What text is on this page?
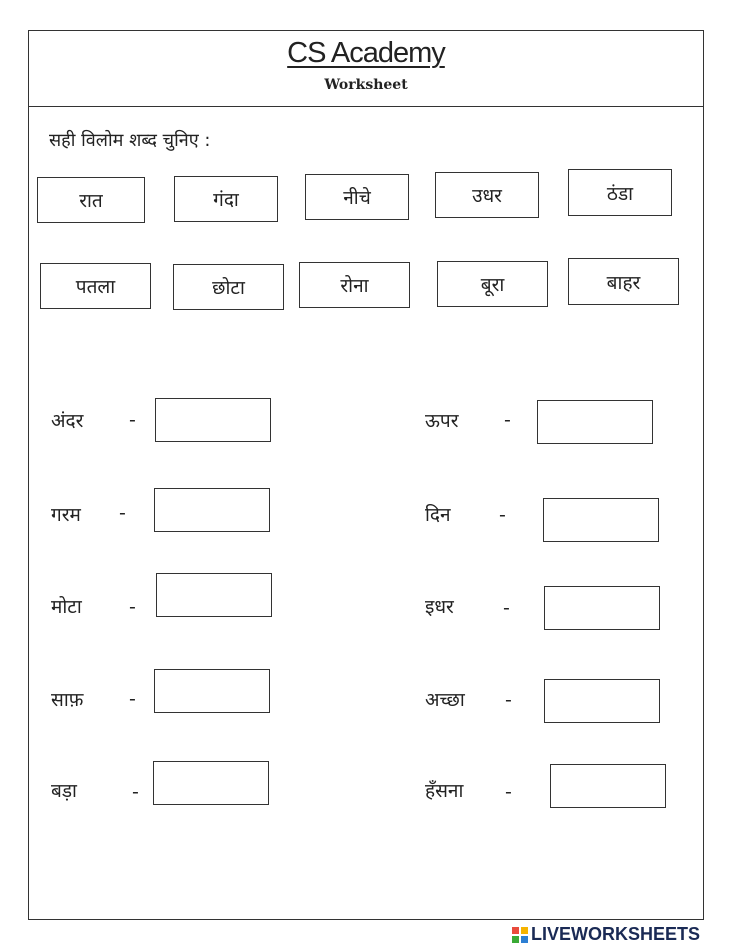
CS Academy
Worksheet
सही विलोम शब्द चुनिए :
रात	गंदा	नीचे	उधर	ठंडा
पतला	छोटा	रोना	बूरा	बाहर
अंदर -
गरम -
मोटा -
साफ़ -
बड़ा	-
ऊपर -
दिन	-
इधर	-
अच्छा -
हँसना -
LIVEWORKSHEETS
